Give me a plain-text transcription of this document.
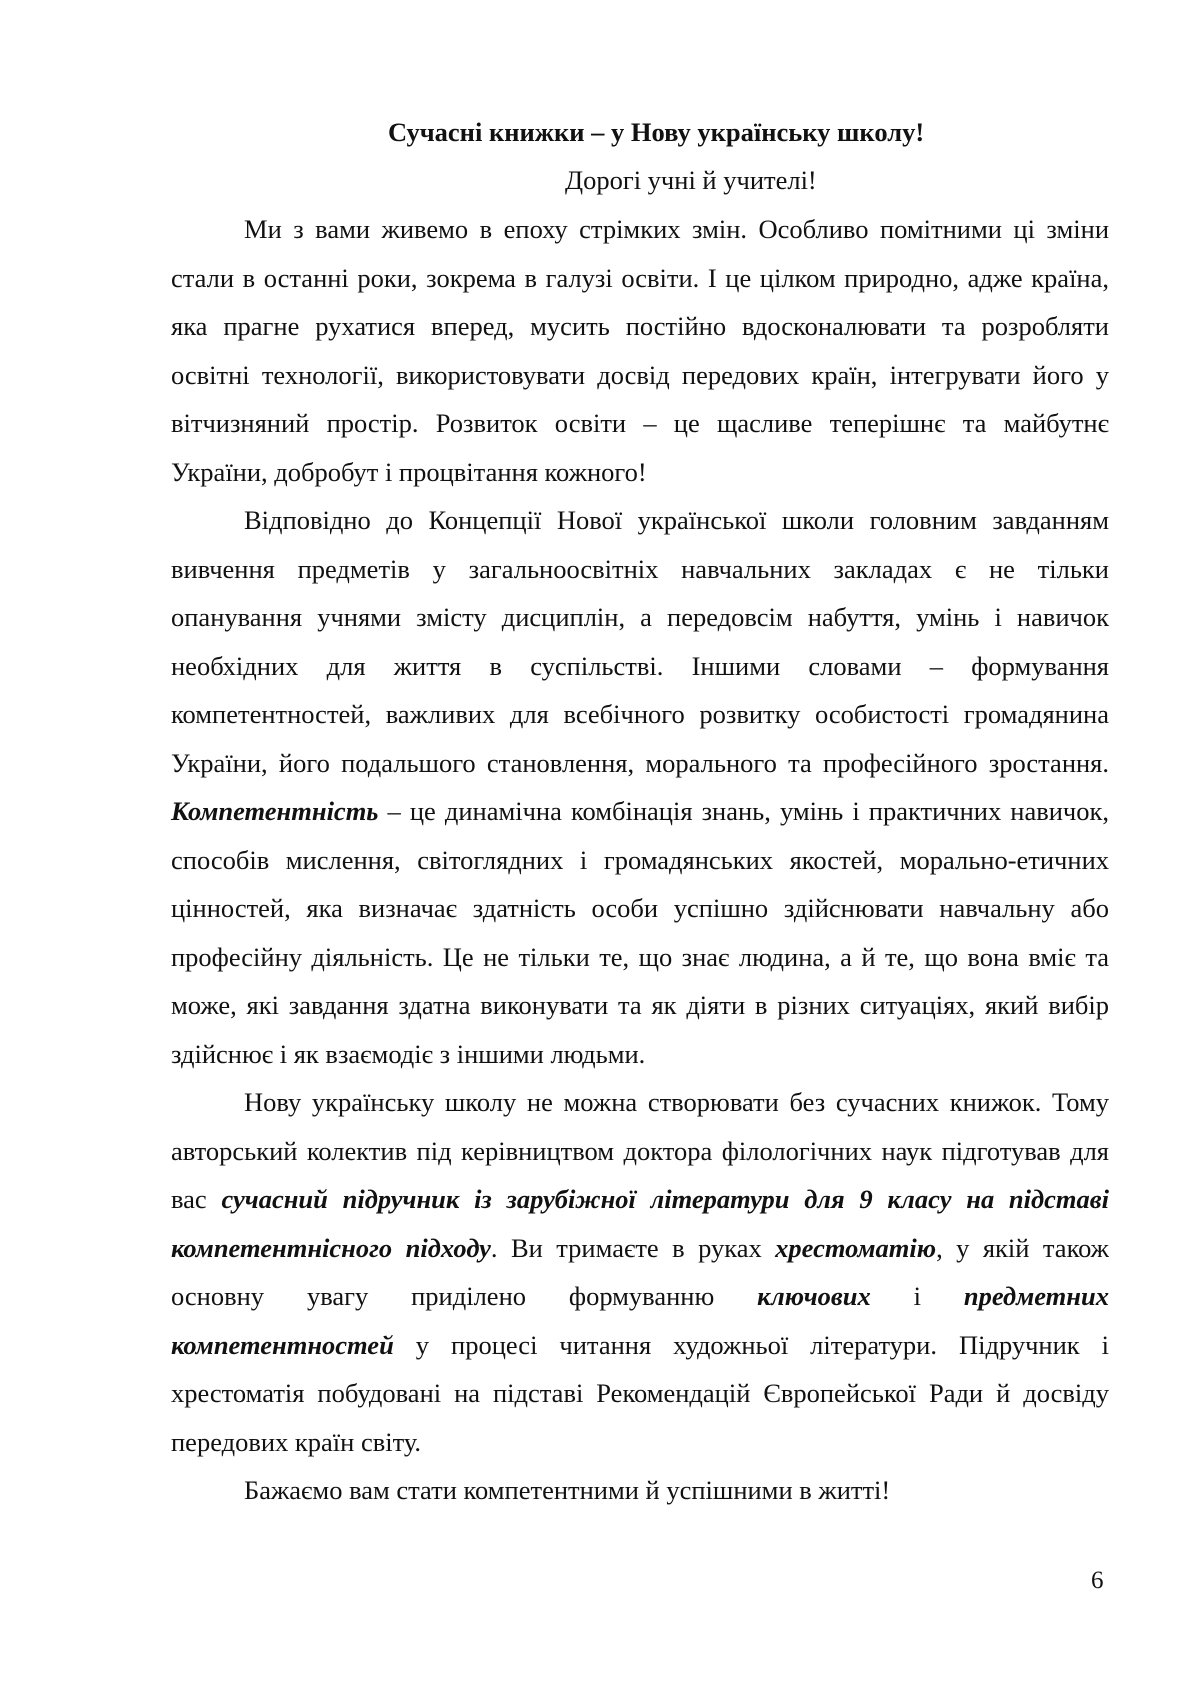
Сучасні книжки – у Нову українську школу!

Дорогі учні й учителі!

Ми з вами живемо в епоху стрімких змін. Особливо помітними ці зміни стали в останні роки, зокрема в галузі освіти. І це цілком природно, адже країна, яка прагне рухатися вперед, мусить постійно вдосконалювати та розробляти освітні технології, використовувати досвід передових країн, інтегрувати його у вітчизняний простір. Розвиток освіти – це щасливе теперішнє та майбутнє України, добробут і процвітання кожного!

Відповідно до Концепції Нової української школи головним завданням вивчення предметів у загальноосвітніх навчальних закладах є не тільки опанування учнями змісту дисциплін, а передовсім набуття, умінь і навичок необхідних для життя в суспільстві. Іншими словами – формування компетентностей, важливих для всебічного розвитку особистості громадянина України, його подальшого становлення, морального та професійного зростання. Компетентність – це динамічна комбінація знань, умінь і практичних навичок, способів мислення, світоглядних і громадянських якостей, морально-етичних цінностей, яка визначає здатність особи успішно здійснювати навчальну або професійну діяльність. Це не тільки те, що знає людина, а й те, що вона вміє та може, які завдання здатна виконувати та як діяти в різних ситуаціях, який вибір здійснює і як взаємодіє з іншими людьми.

Нову українську школу не можна створювати без сучасних книжок. Тому авторський колектив під керівництвом доктора філологічних наук підготував для вас сучасний підручник із зарубіжної літератури для 9 класу на підставі компетентнісного підходу. Ви тримаєте в руках хрестоматію, у якій також основну увагу приділено формуванню ключових і предметних компетентностей у процесі читання художньої літератури. Підручник і хрестоматія побудовані на підставі Рекомендацій Європейської Ради й досвіду передових країн світу.

Бажаємо вам стати компетентними й успішними в житті!

6
